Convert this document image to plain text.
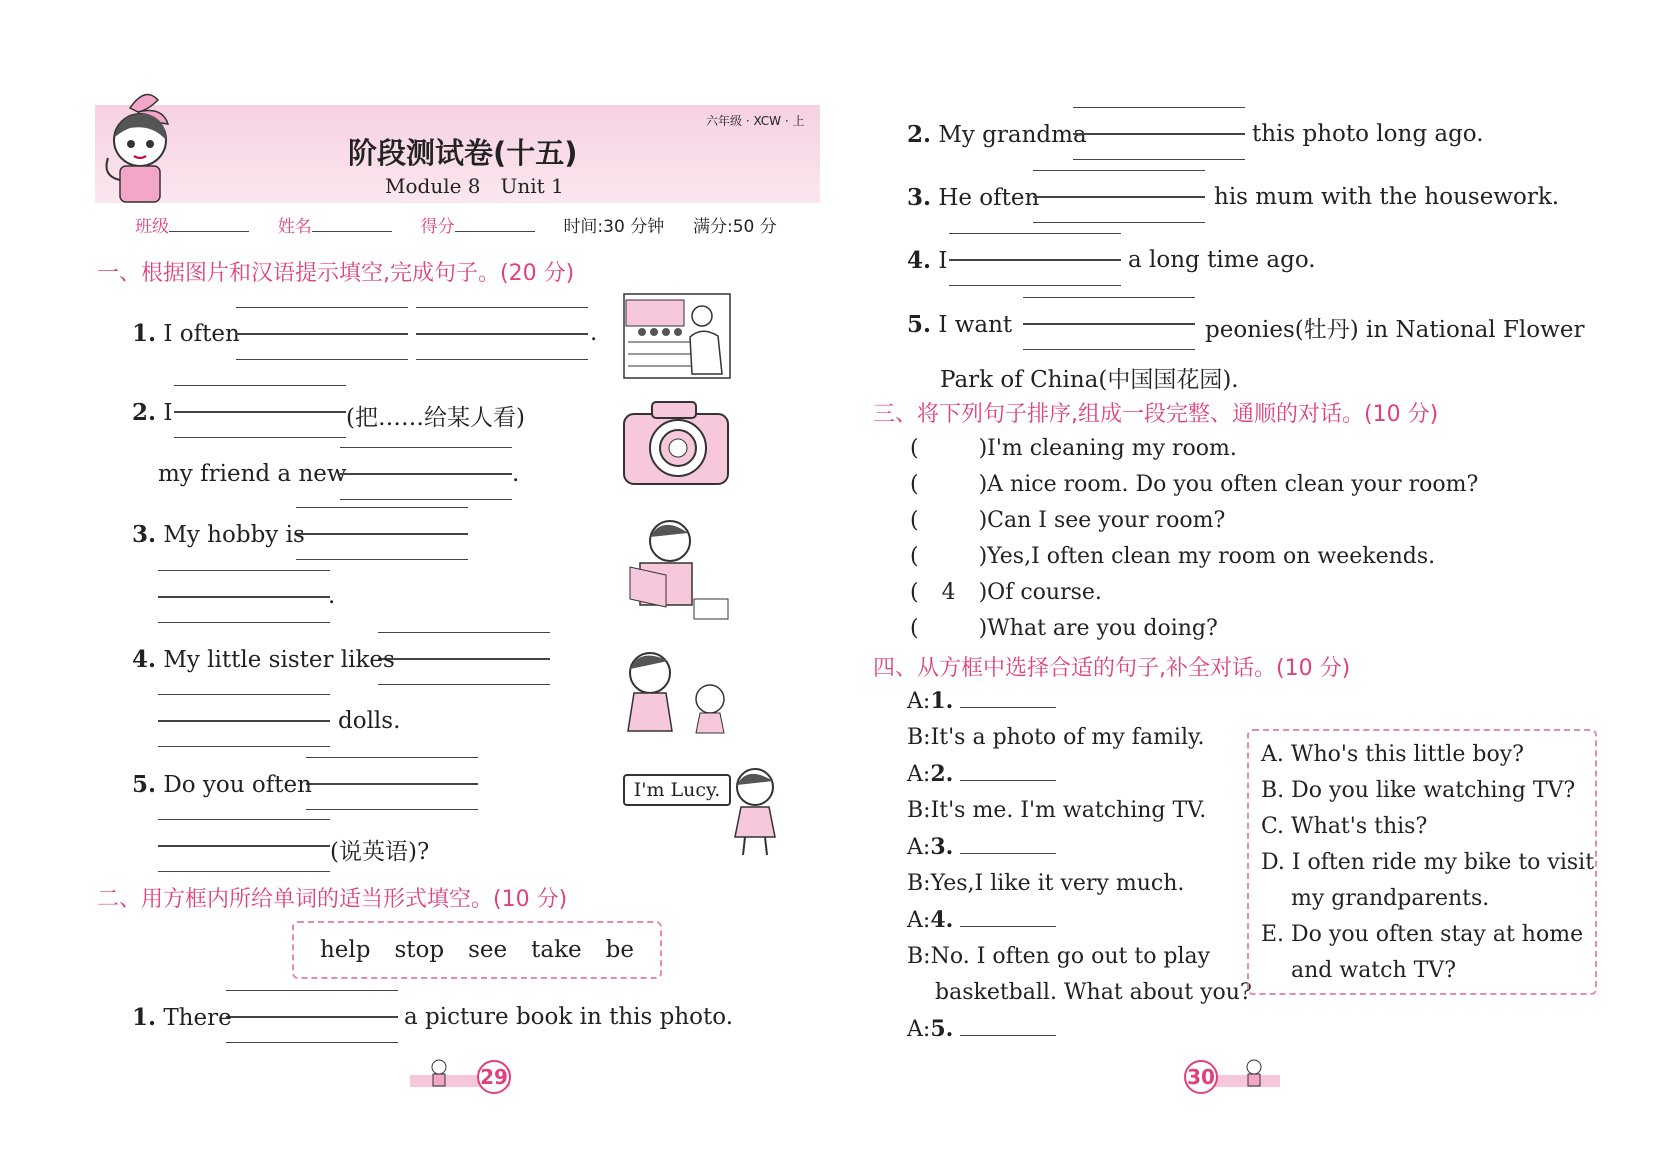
六年级 · XCW · 上
阶段测试卷(十五)
Module 8　Unit 1
班级	姓名	得分	时间:30 分钟 满分:50 分
一、根据图片和汉语提示填空,完成句子。(20 分)
1. I often	.
2. I	(把……给某人看)
my friend a new	.
3. My hobby is
.
4. My little sister likes
dolls.
5. Do you often
(说英语)?
I'm Lucy.
二、用方框内所给单词的适当形式填空。(10 分)
help stop see take be
1. There	a picture book in this photo.
29
2. My grandma	this photo long ago.
3. He often	his mum with the housework.
4. I	a long time ago.
5. I want	peonies(牡丹) in National Flower
Park of China(中国国花园).
三、将下列句子排序,组成一段完整、通顺的对话。(10 分)
(	)I'm cleaning my room.
(	)A nice room. Do you often clean your room?
(	)Can I see your room?
(	)Yes,I often clean my room on weekends.
( 4 )Of course.
(	)What are you doing?
四、从方框中选择合适的句子,补全对话。(10 分)
A:1.
B:It's a photo of my family.
A:2.
B:It's me. I'm watching TV.
A:3.
B:Yes,I like it very much.
A:4.
B:No. I often go out to play
basketball. What about you?
A:5.
A. Who's this little boy?
B. Do you like watching TV?
C. What's this?
D. I often ride my bike to visit
my grandparents.
E. Do you often stay at home
and watch TV?
30
